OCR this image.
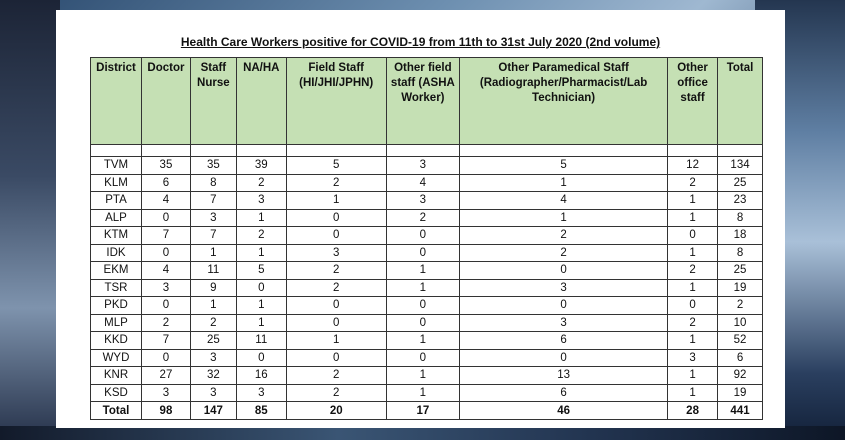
Health Care Workers positive for COVID-19 from 11th to 31st July 2020 (2nd volume)
District	Doctor	Staff Nurse	NA/HA	Field Staff (HI/JHI/JPHN)	Other field staff (ASHA Worker)	Other Paramedical Staff (Radiographer/Pharmacist/Lab Technician)	Other office staff	Total

TVM	35	35	39	5	3	5	12	134
KLM	6	8	2	2	4	1	2	25
PTA	4	7	3	1	3	4	1	23
ALP	0	3	1	0	2	1	1	8
KTM	7	7	2	0	0	2	0	18
IDK	0	1	1	3	0	2	1	8
EKM	4	11	5	2	1	0	2	25
TSR	3	9	0	2	1	3	1	19
PKD	0	1	1	0	0	0	0	2
MLP	2	2	1	0	0	3	2	10
KKD	7	25	11	1	1	6	1	52
WYD	0	3	0	0	0	0	3	6
KNR	27	32	16	2	1	13	1	92
KSD	3	3	3	2	1	6	1	19
Total	98	147	85	20	17	46	28	441
